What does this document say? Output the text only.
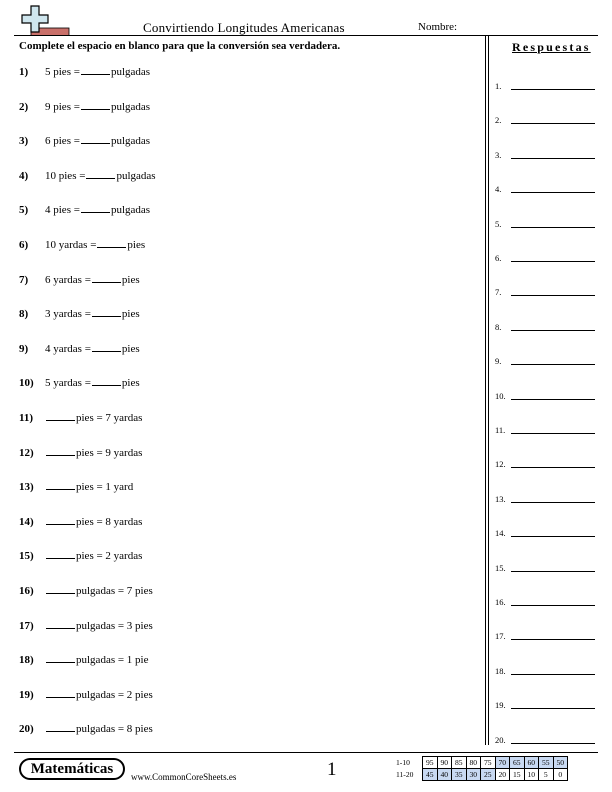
Convirtiendo Longitudes Americanas	Nombre:
Complete el espacio en blanco para que la conversión sea verdadera.
1) 5 pies =	pulgadas
2) 9 pies =	pulgadas
3) 6 pies =	pulgadas
4) 10 pies =	pulgadas
5) 4 pies =	pulgadas
6) 10 yardas =	pies
7) 6 yardas =	pies
8) 3 yardas =	pies
9) 4 yardas =	pies
10) 5 yardas =	pies
11)	pies = 7 yardas
12)	pies = 9 yardas
13)	pies = 1 yard
14)	pies = 8 yardas
15)	pies = 2 yardas
16)	pulgadas = 7 pies
17)	pulgadas = 3 pies
18)	pulgadas = 1 pie
19)	pulgadas = 2 pies
20)	pulgadas = 8 pies
Respuestas
1.
2.
3.
4.
5.
6.
7.
8.
9.
10.
11.
12.
13.
14.
15.
16.
17.
18.
19.
20.
Matemáticas	www.CommonCoreSheets.es	1	1-10	95	90	85	80	75	70	65	60	55	50
11-20	45	40	35	30	25	20	15	10	5	0
